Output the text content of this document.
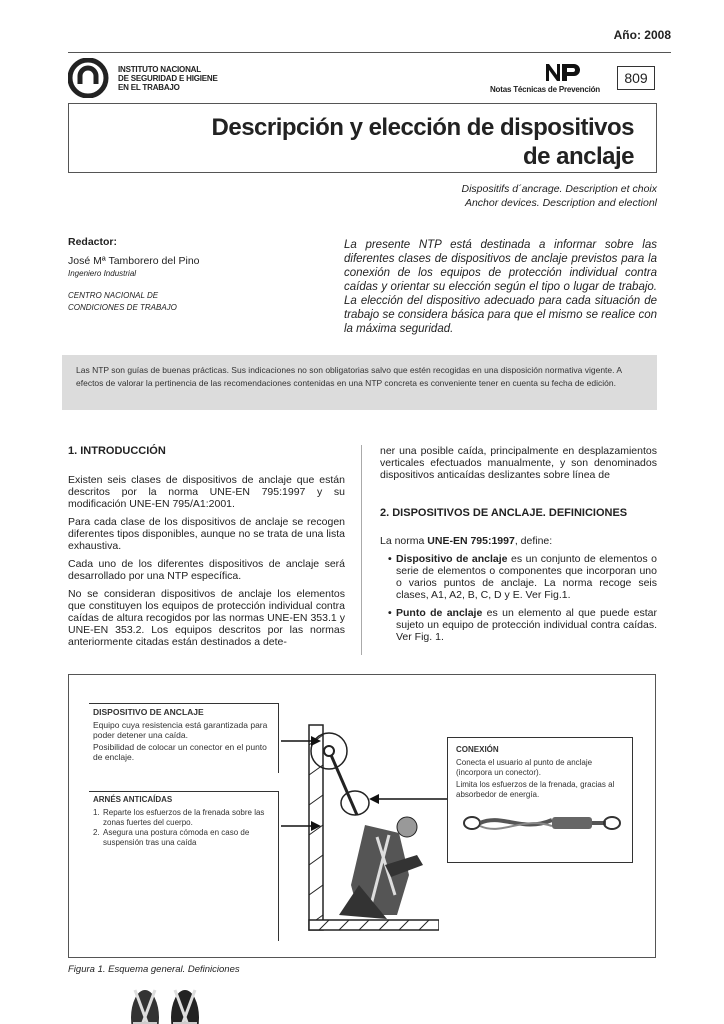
Año: 2008
INSTITUTO NACIONAL
DE SEGURIDAD E HIGIENE
EN EL TRABAJO	Notas Técnicas de Prevención
809
Descripción y elección de dispositivos
de anclaje
Dispositifs d´ancrage. Description et choix
Anchor devices. Description and electionl
Redactor:
José Mª Tamborero del Pino
Ingeniero Industrial
CENTRO NACIONAL DE
CONDICIONES DE TRABAJO
La presente NTP está destinada a informar sobre las diferentes clases de dispositivos de anclaje previstos para la conexión de los equipos de protección individual contra caídas y orientar su elección según el tipo o lugar de trabajo. La elección del dispositivo adecuado para cada situación de trabajo se considera básica para que el mismo se realice con la máxima seguridad.
Las NTP son guías de buenas prácticas. Sus indicaciones no son obligatorias salvo que estén recogidas en una disposición normativa vigente. A efectos de valorar la pertinencia de las recomendaciones contenidas en una NTP concreta es conveniente tener en cuenta su fecha de edición.
1. INTRODUCCIÓN

Existen seis clases de dispositivos de anclaje que están descritos por la norma UNE-EN 795:1997 y su modificación UNE-EN 795/A1:2001.

Para cada clase de los dispositivos de anclaje se recogen diferentes tipos disponibles, aunque no se trata de una lista exhaustiva.

Cada uno de los diferentes dispositivos de anclaje será desarrollado por una NTP específica.

No se consideran dispositivos de anclaje los elementos que constituyen los equipos de protección individual contra caídas de altura recogidos por las normas UNE-EN 353.1 y UNE-EN 353.2. Los equipos descritos por las normas anteriormente citadas están destinados a dete-

ner una posible caída, principalmente en desplazamientos verticales efectuados manualmente, y son denominados dispositivos anticaídas deslizantes sobre línea de

2. DISPOSITIVOS DE ANCLAJE. DEFINICIONES

La norma UNE-EN 795:1997, define:

• Dispositivo de anclaje es un conjunto de elementos o serie de elementos o componentes que incorporan uno o varios puntos de anclaje. La norma recoge seis clases, A1, A2, B, C, D y E. Ver Fig.1.
• Punto de anclaje es un elemento al que puede estar sujeto un equipo de protección individual contra caídas. Ver Fig. 1.
DISPOSITIVO DE ANCLAJE

Equipo cuya resistencia está garantizada para poder detener una caída.

Posibilidad de colocar un conector en el punto de enclaje.

ARNÉS ANTICAÍDAS
1. Reparte los esfuerzos de la frenada sobre las zonas fuertes del cuerpo.
2. Asegura una postura cómoda en caso de suspensión tras una caída
CONEXIÓN

Conecta el usuario al punto de anclaje (incorpora un conector).

Limita los esfuerzos de la frenada, gracias al absorbedor de energía.

Figura 1. Esquema general. Definiciones
